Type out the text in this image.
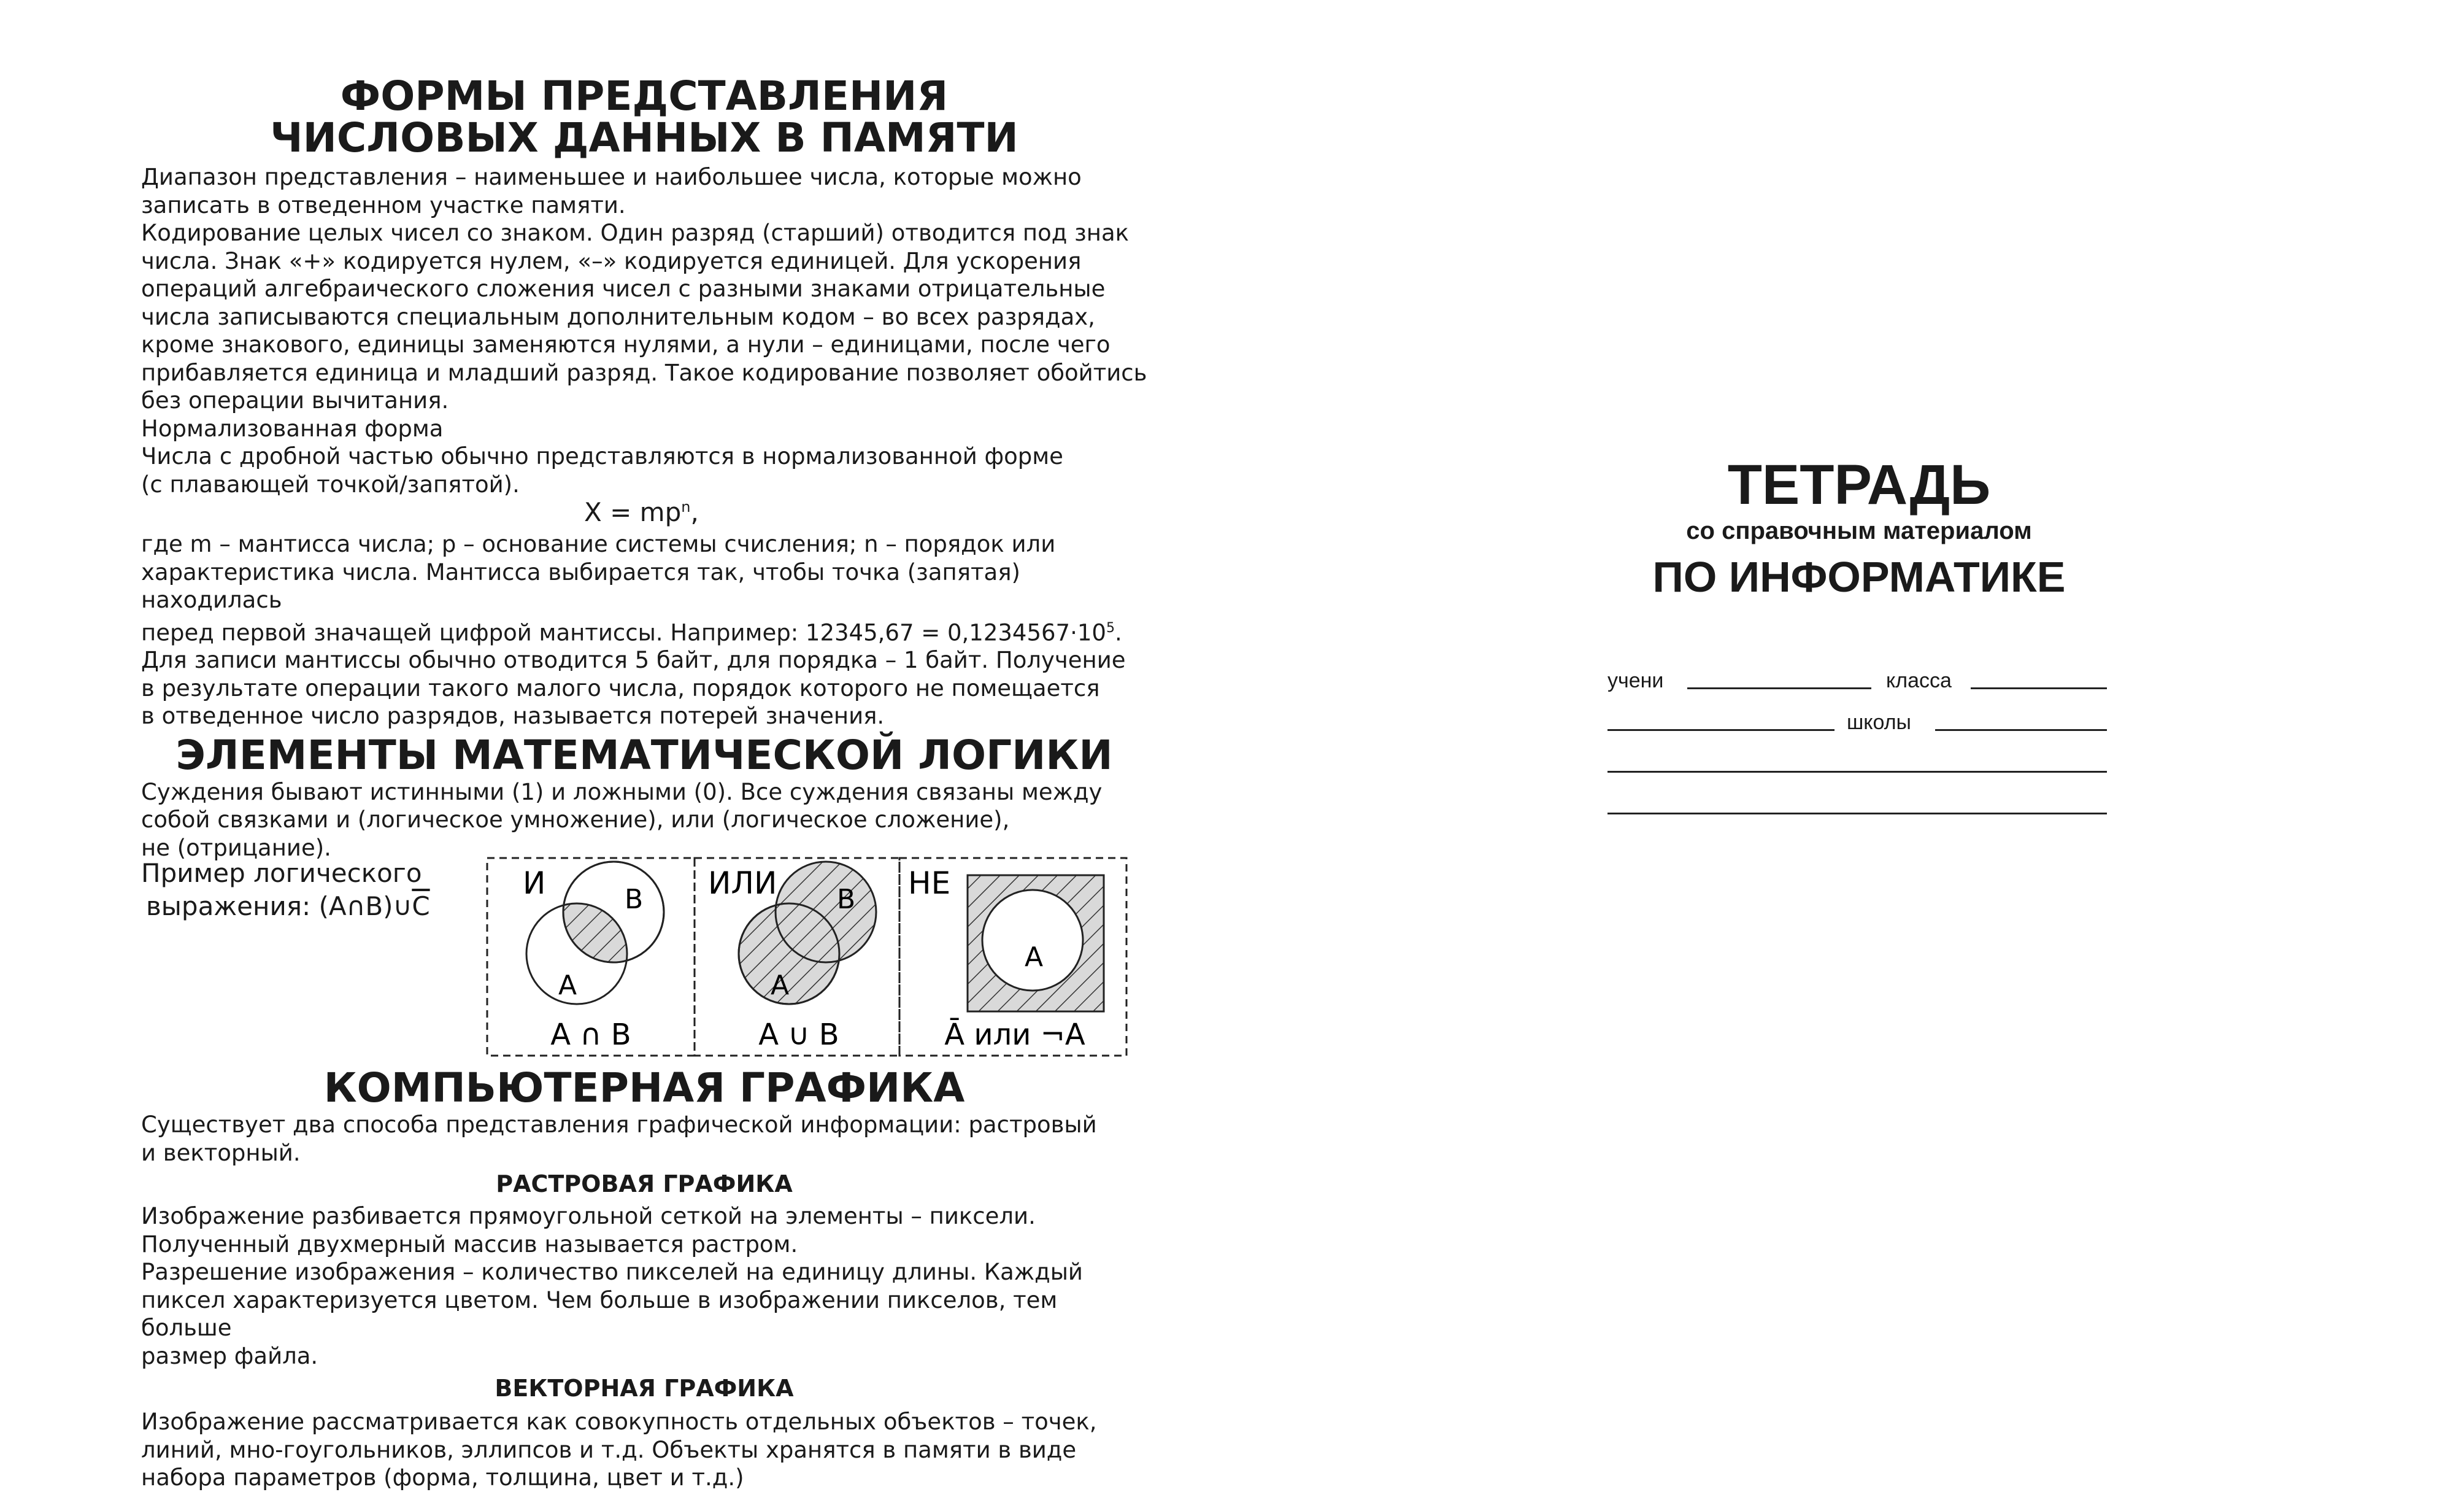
ФОРМЫ ПРЕДСТАВЛЕНИЯ

ЧИСЛОВЫХ ДАННЫХ В ПАМЯТИ

Диапазон представления – наименьшее и наибольшее числа, которые можно
записать в отведенном участке памяти.
Кодирование целых чисел со знаком. Один разряд (старший) отводится под знак
числа. Знак «+» кодируется нулем, «–» кодируется единицей. Для ускорения
операций алгебраического сложения чисел с разными знаками отрицательные
числа записываются специальным дополнительным кодом – во всех разрядах,
кроме знакового, единицы заменяются нулями, а нули – единицами, после чего
прибавляется единица и младший разряд. Такое кодирование позволяет обойтись
без операции вычитания.
Нормализованная форма
Числа с дробной частью обычно представляются в нормализованной форме
(с плавающей точкой/запятой).

$X = mp^n$,

где m – мантисса числа; p – основание системы счисления; n – порядок или
характеристика числа. Мантисса выбирается так, чтобы точка (запятая) находилась
перед первой значащей цифрой мантиссы. Например: $12345,67 = 0,1234567\cdot 10^5$.

Для записи мантиссы обычно отводится 5 байт, для порядка – 1 байт. Получение
в результате операции такого малого числа, порядок которого не помещается
в отведенное число разрядов, называется потерей значения.

ЭЛЕМЕНТЫ МАТЕМАТИЧЕСКОЙ ЛОГИКИ

Суждения бывают истинными (1) и ложными (0). Все суждения связаны между
собой связками и (логическое умножение), или (логическое сложение),
не (отрицание).

Пример логического
выражения: $(A\cap B)\cup\overline{C}$
И	B
A
A ∩ B
ИЛИ B
A
A ∪ B
НЕ
A
Ā или ¬A

КОМПЬЮТЕРНАЯ ГРАФИКА

Существует два способа представления графической информации: растровый
и векторный.

РАСТРОВАЯ ГРАФИКА

Изображение разбивается прямоугольной сеткой на элементы – пиксели.
Полученный двухмерный массив называется растром.
Разрешение изображения – количество пикселей на единицу длины. Каждый
пиксел характеризуется цветом. Чем больше в изображении пикселов, тем больше
размер файла.

ВЕКТОРНАЯ ГРАФИКА

Изображение рассматривается как совокупность отдельных объектов – точек,
линий, мно-гоугольников, эллипсов и т.д. Объекты хранятся в памяти в виде
набора параметров (форма, толщина, цвет и т.д.)

ТЕТРАДЬ

со справочным материалом

ПО ИНФОРМАТИКЕ

учени	класса
школы
